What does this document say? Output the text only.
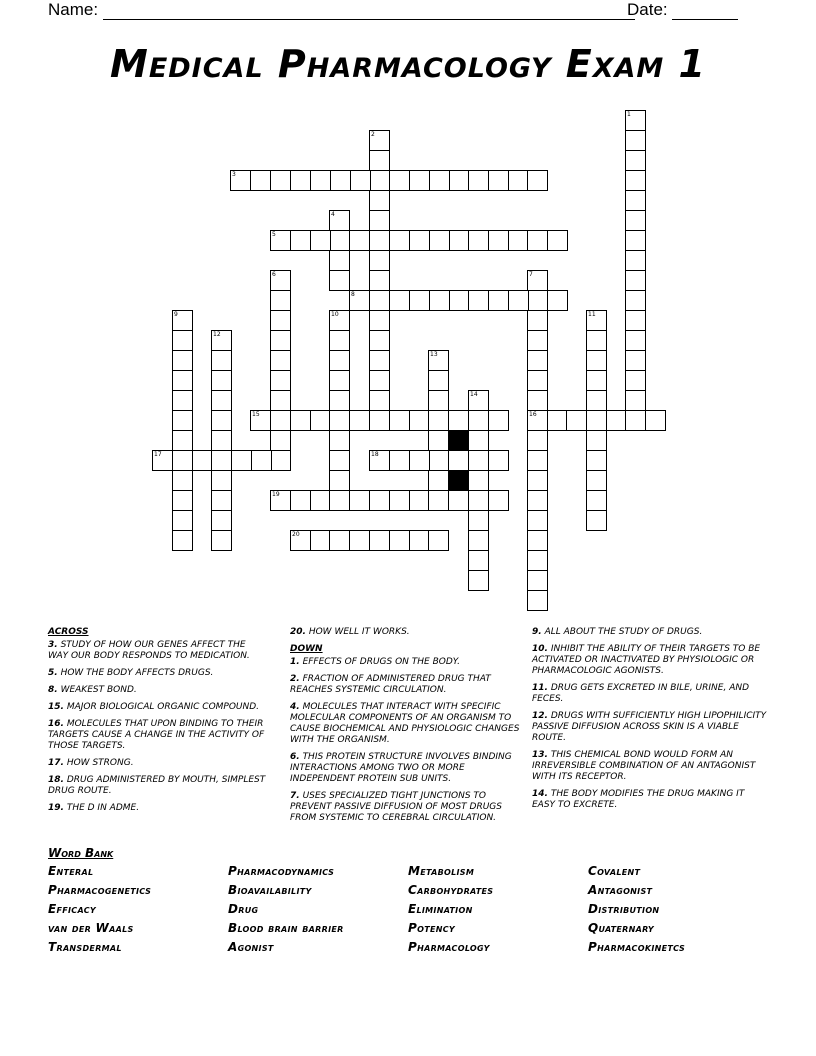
Name:	Date:
Medical Pharmacology Exam 1
1
2
3
4
5
6	7
8
9	10	11
12
13
14
15	16
17	18
19
20
ACROSS
3. STUDY OF HOW OUR GENES AFFECT THE WAY OUR BODY RESPONDS TO MEDICATION.
5. HOW THE BODY AFFECTS DRUGS.
8. WEAKEST BOND.
15. MAJOR BIOLOGICAL ORGANIC COMPOUND.
16. MOLECULES THAT UPON BINDING TO THEIR TARGETS CAUSE A CHANGE IN THE ACTIVITY OF THOSE TARGETS.
17. HOW STRONG.
18. DRUG ADMINISTERED BY MOUTH, SIMPLEST DRUG ROUTE.
19. THE D IN ADME.
20. HOW WELL IT WORKS.
DOWN
1. EFFECTS OF DRUGS ON THE BODY.
2. FRACTION OF ADMINISTERED DRUG THAT REACHES SYSTEMIC CIRCULATION.
4. MOLECULES THAT INTERACT WITH SPECIFIC MOLECULAR COMPONENTS OF AN ORGANISM TO CAUSE BIOCHEMICAL AND PHYSIOLOGIC CHANGES WITH THE ORGANISM.
6. THIS PROTEIN STRUCTURE INVOLVES BINDING INTERACTIONS AMONG TWO OR MORE INDEPENDENT PROTEIN SUB UNITS.
7. USES SPECIALIZED TIGHT JUNCTIONS TO PREVENT PASSIVE DIFFUSION OF MOST DRUGS FROM SYSTEMIC TO CEREBRAL CIRCULATION.
9. ALL ABOUT THE STUDY OF DRUGS.
10. INHIBIT THE ABILITY OF THEIR TARGETS TO BE ACTIVATED OR INACTIVATED BY PHYSIOLOGIC OR PHARMACOLOGIC AGONISTS.
11. DRUG GETS EXCRETED IN BILE, URINE, AND FECES.
12. DRUGS WITH SUFFICIENTLY HIGH LIPOPHILICITY PASSIVE DIFFUSION ACROSS SKIN IS A VIABLE ROUTE.
13. THIS CHEMICAL BOND WOULD FORM AN IRREVERSIBLE COMBINATION OF AN ANTAGONIST WITH ITS RECEPTOR.
14. THE BODY MODIFIES THE DRUG MAKING IT EASY TO EXCRETE.
Word Bank
Enteral	Pharmacodynamics	Metabolism	Covalent
Pharmacogenetics	Bioavailability	Carbohydrates	Antagonist
Efficacy	Drug	Elimination	Distribution
van der Waals	Blood brain barrier	Potency	Quaternary
Transdermal	Agonist	Pharmacology	Pharmacokinetcs
